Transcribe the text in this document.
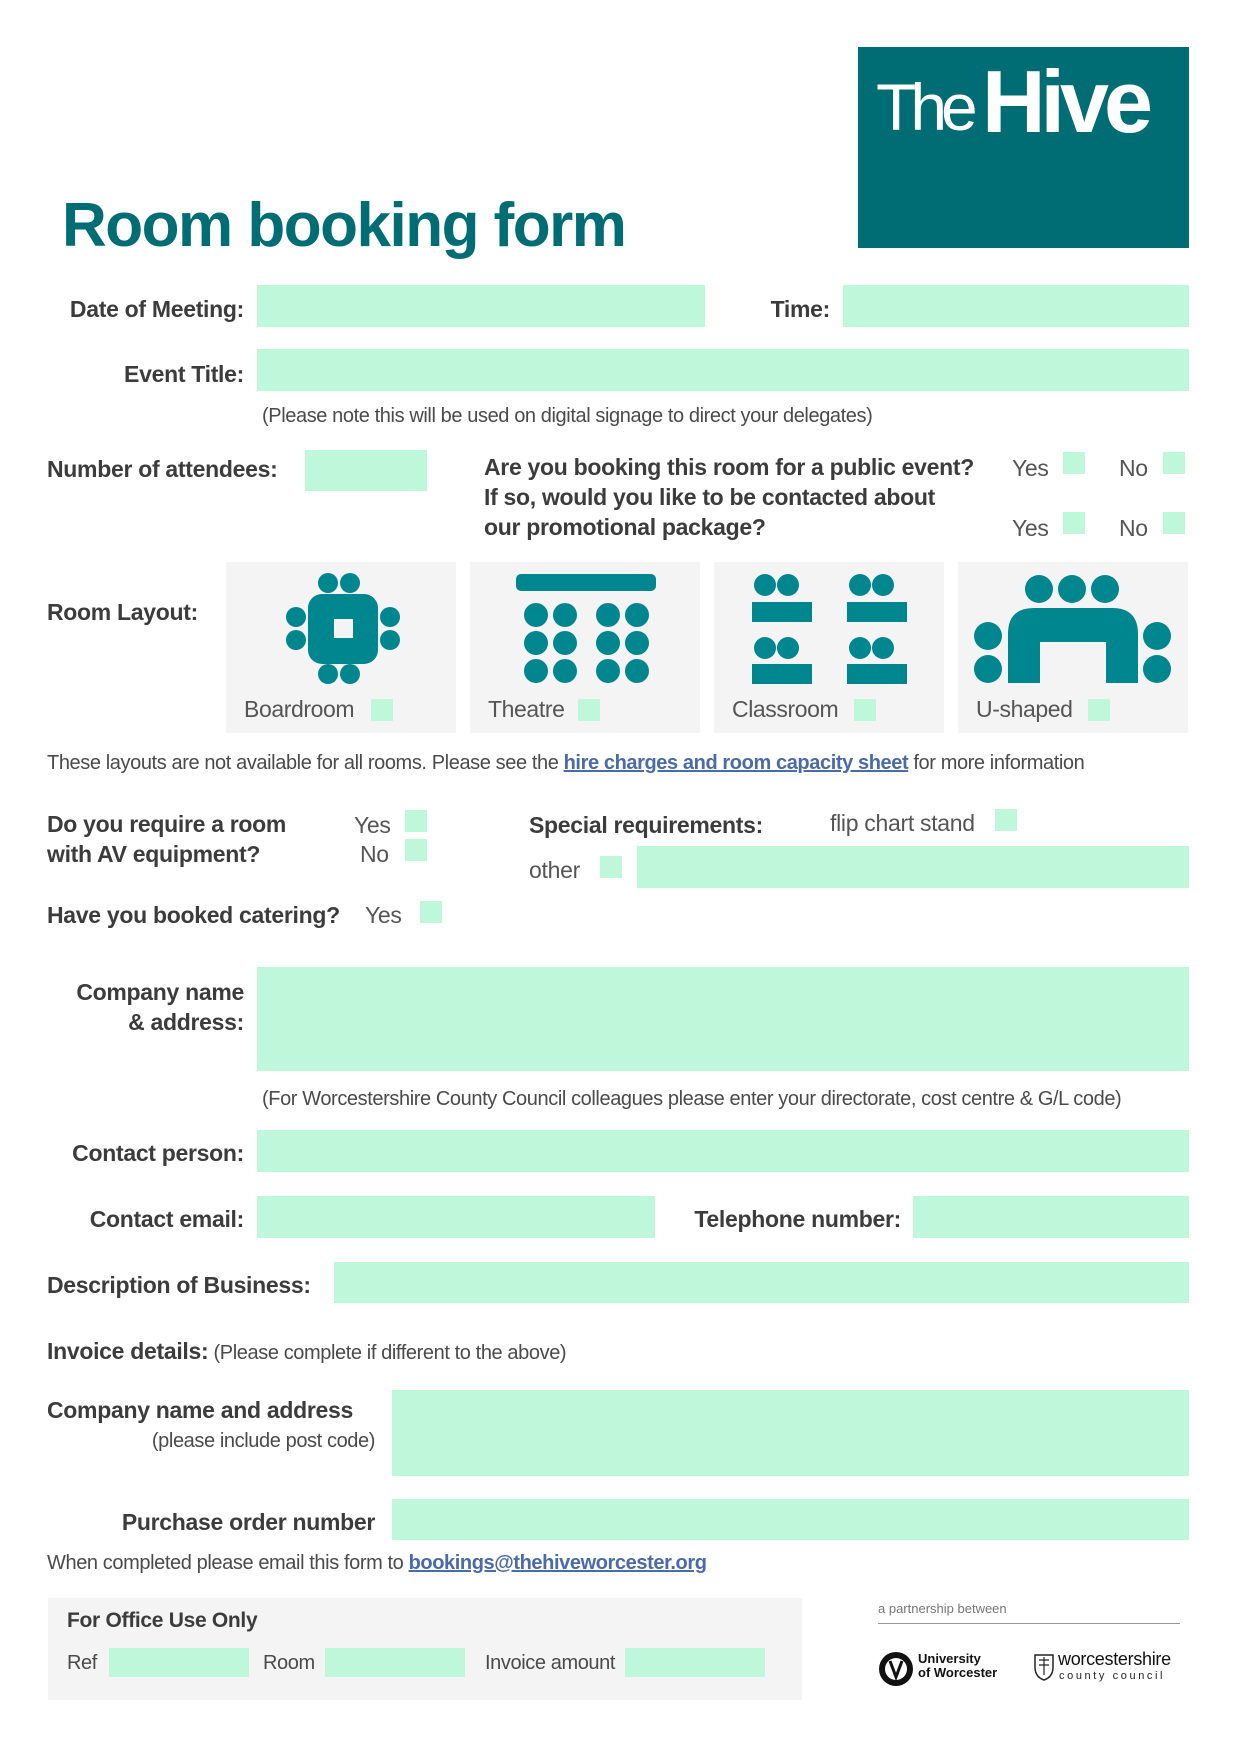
The Hive
Room booking form
Date of Meeting:	Time:
Event Title:
(Please note this will be used on digital signage to direct your delegates)
Number of attendees:	Are you booking this room for a public event?
If so, would you like to be contacted about
our promotional package?
Yes	No
Yes	No
Room Layout:
Boardroom	Theatre	Classroom	U-shaped
These layouts are not available for all rooms. Please see the hire charges and room capacity sheet for more information
Do you require a room
with AV equipment?
Yes
No
Special requirements:	flip chart stand
other
Have you booked catering? Yes
Company name
& address:
(For Worcestershire County Council colleagues please enter your directorate, cost centre & G/L code)
Contact person:
Contact email:	Telephone number:
Description of Business:
Invoice details: (Please complete if different to the above)
Company name and address
(please include post code)
Purchase order number
When completed please email this form to bookings@thehiveworcester.org
For Office Use Only
Ref	Room	Invoice amount
a partnership between
University
of Worcester
worcestershire
county council
